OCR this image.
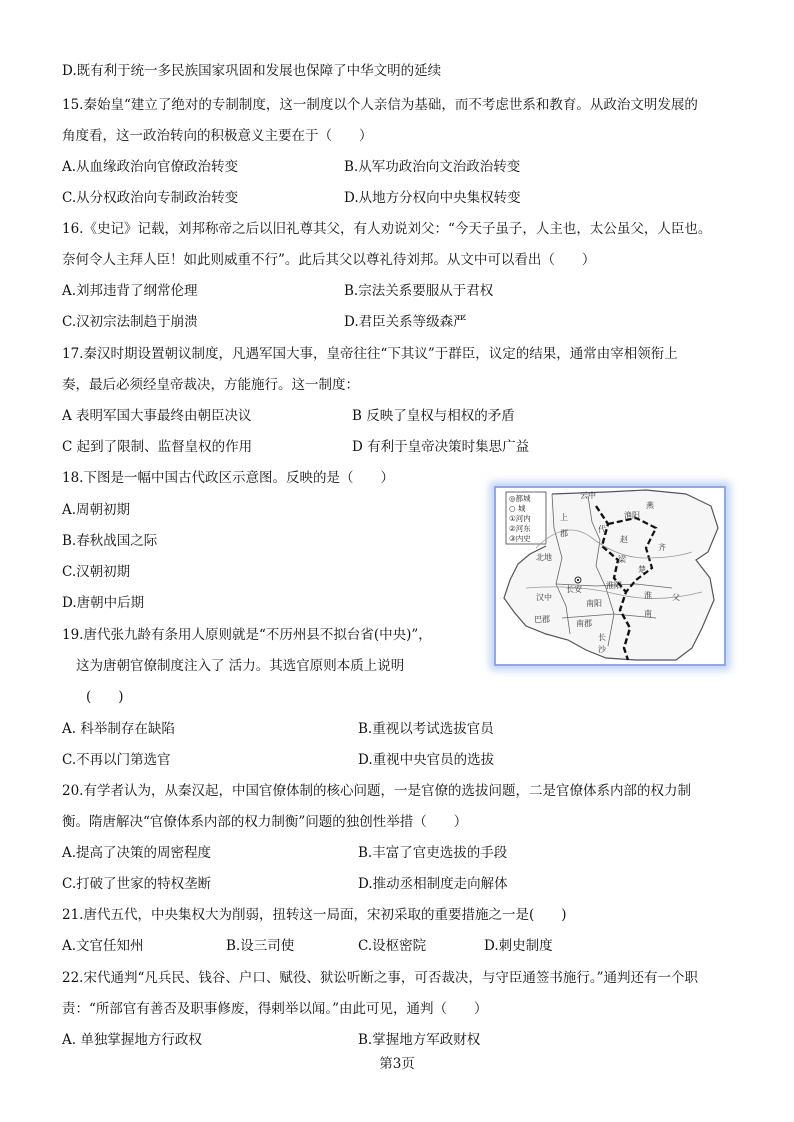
D.既有利于统一多民族国家巩固和发展也保障了中华文明的延续
15.秦始皇“建立了绝对的专制制度，这一制度以个人亲信为基础，而不考虑世系和教育。从政治文明发展的
角度看，这一政治转向的积极意义主要在于（　　）
A.从血缘政治向官僚政治转变	B.从军功政治向文治政治转变
C.从分权政治向专制政治转变	D.从地方分权向中央集权转变
16.《史记》记载，刘邦称帝之后以旧礼尊其父，有人劝说刘父：“今天子虽子，人主也，太公虽父，人臣也。
奈何令人主拜人臣！如此则威重不行”。此后其父以尊礼待刘邦。从文中可以看出（　　）
A.刘邦违背了纲常伦理	B.宗法关系要服从于君权
C.汉初宗法制趋于崩溃	D.君臣关系等级森严
17.秦汉时期设置朝议制度，凡遇军国大事，皇帝往往“下其议”于群臣，议定的结果，通常由宰相领衔上
奏，最后必须经皇帝裁决，方能施行。这一制度：
A 表明军国大事最终由朝臣决议	B 反映了皇权与相权的矛盾
C 起到了限制、监督皇权的作用	D 有利于皇帝决策时集思广益
18.下图是一幅中国古代政区示意图。反映的是（　　）
A.周朝初期
B.春秋战国之际
C.汉朝初期
D.唐朝中后期
◎都城
○ 城
①河内
②河东
③内史
云中
燕
渔阳
代
上
郡
赵
齐
北地
长安
梁
汉中
楚
淮阳
南阳
巴郡	南郡
淮
长
沙
南
父
19.唐代张九龄有条用人原则就是“不历州县不拟台省(中央)”，
这为唐朝官僚制度注入了 活力。其选官原则本质上说明
(　　)
A. 科举制存在缺陷	B.重视以考试选拔官员
C.不再以门第选官	D.重视中央官员的选拔
20.有学者认为，从秦汉起，中国官僚体制的核心问题，一是官僚的选拔问题，二是官僚体系内部的权力制
衡。隋唐解决“官僚体系内部的权力制衡”问题的独创性举措（　　）
A.提高了决策的周密程度	B.丰富了官吏选拔的手段
C.打破了世家的特权垄断	D.推动丞相制度走向解体
21.唐代五代，中央集权大为削弱，扭转这一局面，宋初采取的重要措施之一是(　　)
A.文官任知州	B.设三司使	C.设枢密院	D.刺史制度
22.宋代通判“凡兵民、钱谷、户口、赋役、狱讼听断之事，可否裁决，与守臣通签书施行。”通判还有一个职
责：“所部官有善否及职事修废，得剌举以闻。”由此可见，通判（　　）
A. 单独掌握地方行政权	B.掌握地方军政财权
第3页
